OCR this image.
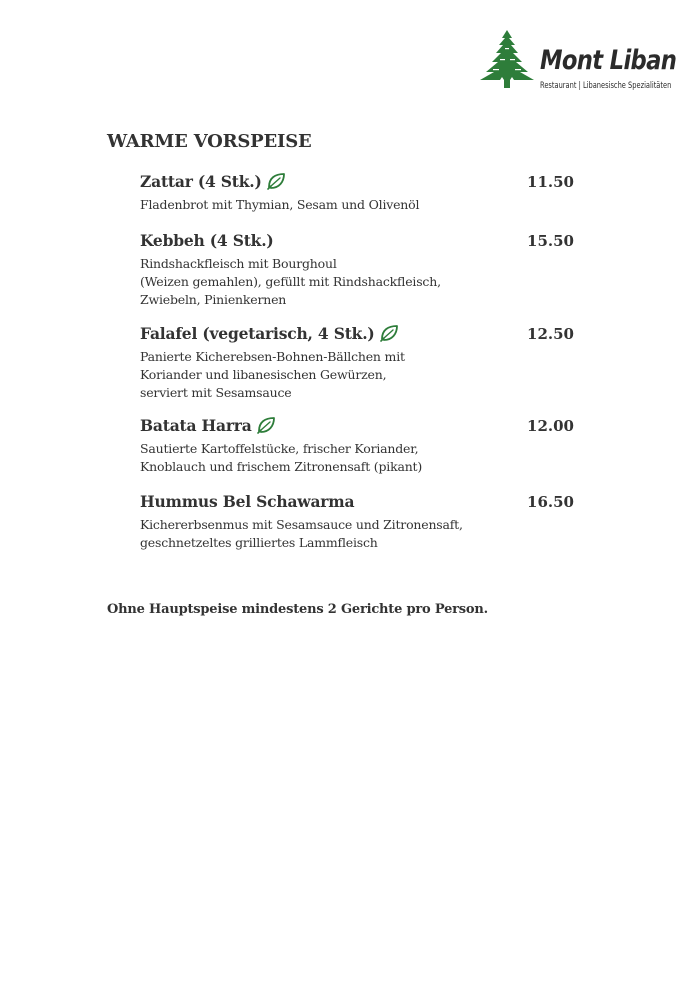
Mont Liban
Restaurant | Libanesische Spezialitäten
WARME VORSPEISE
Zattar (4 Stk.)	11.50
Fladenbrot mit Thymian, Sesam und Olivenöl
Kebbeh (4 Stk.)	15.50
Rindshackfleisch mit Bourghoul
(Weizen gemahlen), gefüllt mit Rindshackfleisch,
Zwiebeln, Pinienkernen
Falafel (vegetarisch, 4 Stk.)	12.50
Panierte Kicherebsen-Bohnen-Bällchen mit
Koriander und libanesischen Gewürzen,
serviert mit Sesamsauce
Batata Harra	12.00
Sautierte Kartoffelstücke, frischer Koriander,
Knoblauch und frischem Zitronensaft (pikant)
Hummus Bel Schawarma	16.50
Kichererbsenmus mit Sesamsauce und Zitronensaft,
geschnetzeltes grilliertes Lammfleisch
Ohne Hauptspeise mindestens 2 Gerichte pro Person.
